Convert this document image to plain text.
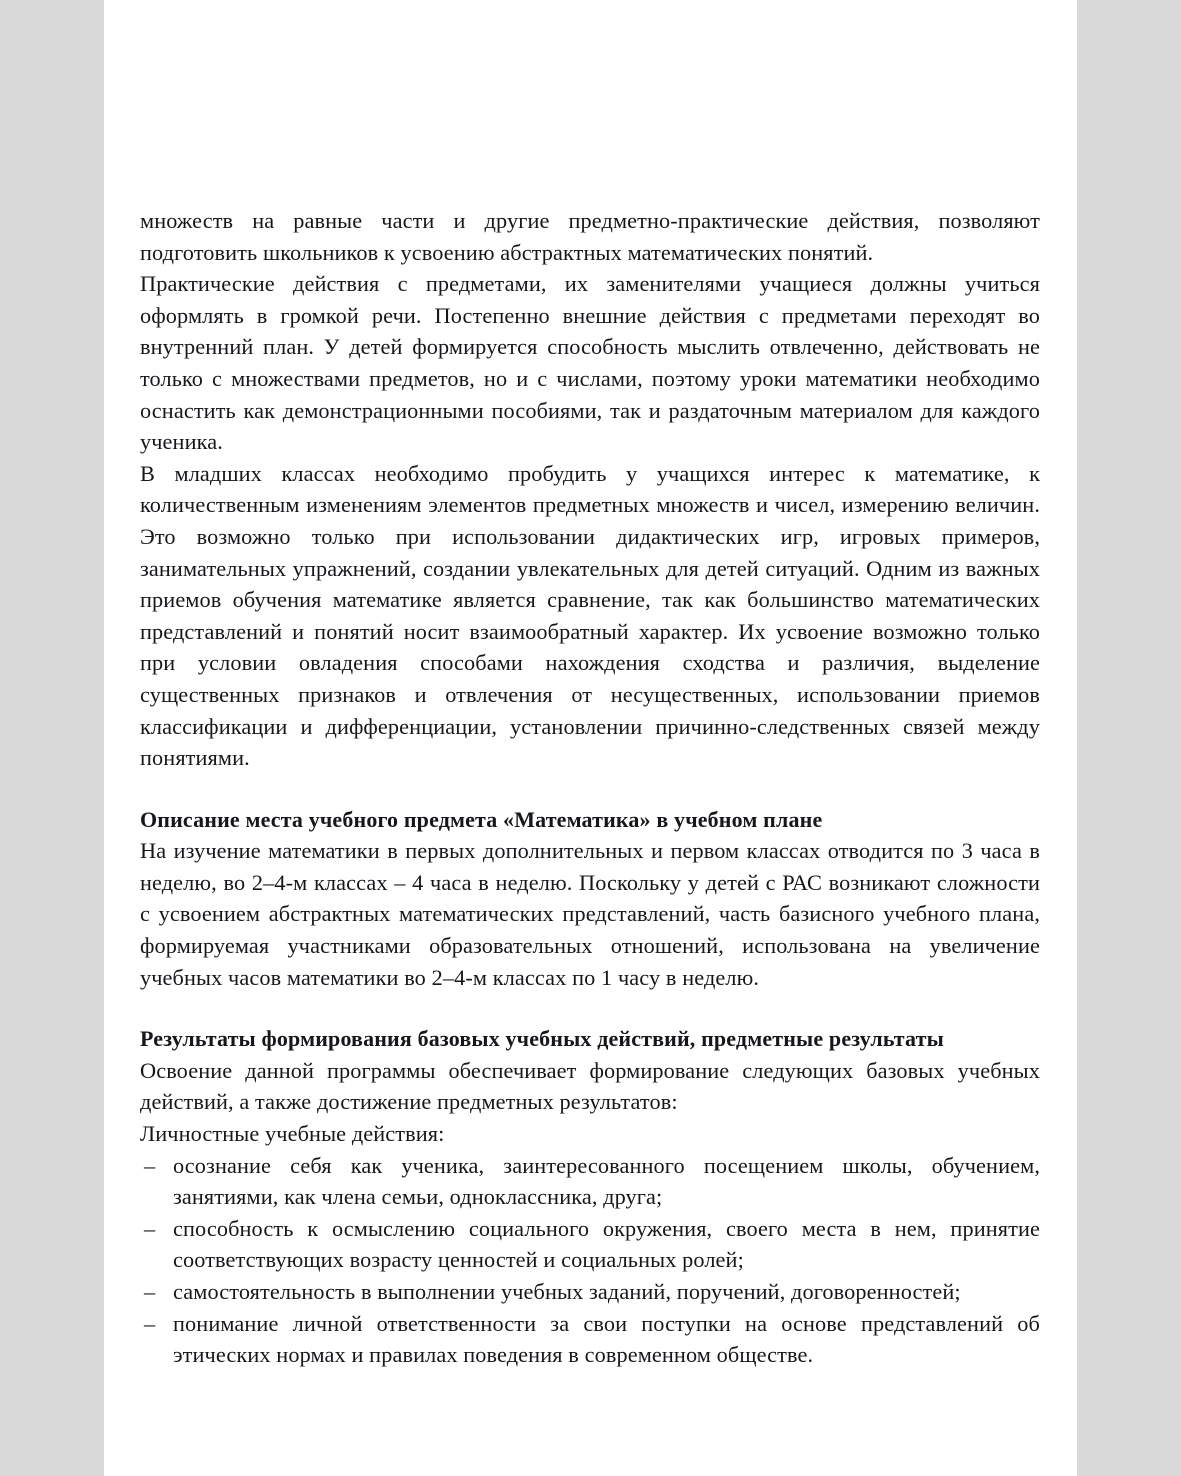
множеств на равные части и другие предметно-практические действия, позволяют подготовить школьников к усвоению абстрактных математических понятий.

Практические действия с предметами, их заменителями учащиеся должны учиться оформлять в громкой речи. Постепенно внешние действия с предметами переходят во внутренний план. У детей формируется способность мыслить отвлеченно, действовать не только с множествами предметов, но и с числами, поэтому уроки математики необходимо оснастить как демонстрационными пособиями, так и раздаточным материалом для каждого ученика.

В младших классах необходимо пробудить у учащихся интерес к математике, к количественным изменениям элементов предметных множеств и чисел, измерению величин. Это возможно только при использовании дидактических игр, игровых примеров, занимательных упражнений, создании увлекательных для детей ситуаций. Одним из важных приемов обучения математике является сравнение, так как большинство математических представлений и понятий носит взаимообратный характер. Их усвоение возможно только при условии овладения способами нахождения сходства и различия, выделение существенных признаков и отвлечения от несущественных, использовании приемов классификации и дифференциации, установлении причинно-следственных связей между понятиями.

Описание места учебного предмета «Математика» в учебном плане

На изучение математики в первых дополнительных и первом классах отводится по 3 часа в неделю, во 2–4-м классах – 4 часа в неделю. Поскольку у детей с РАС возникают сложности с усвоением абстрактных математических представлений, часть базисного учебного плана, формируемая участниками образовательных отношений, использована на увеличение учебных часов математики во 2–4-м классах по 1 часу в неделю.

Результаты формирования базовых учебных действий, предметные результаты

Освоение данной программы обеспечивает формирование следующих базовых учебных действий, а также достижение предметных результатов:

Личностные учебные действия:

– осознание себя как ученика, заинтересованного посещением школы, обучением, занятиями, как члена семьи, одноклассника, друга;
– способность к осмыслению социального окружения, своего места в нем, принятие соответствующих возрасту ценностей и социальных ролей;
– самостоятельность в выполнении учебных заданий, поручений, договоренностей;
– понимание личной ответственности за свои поступки на основе представлений об этических нормах и правилах поведения в современном обществе.
